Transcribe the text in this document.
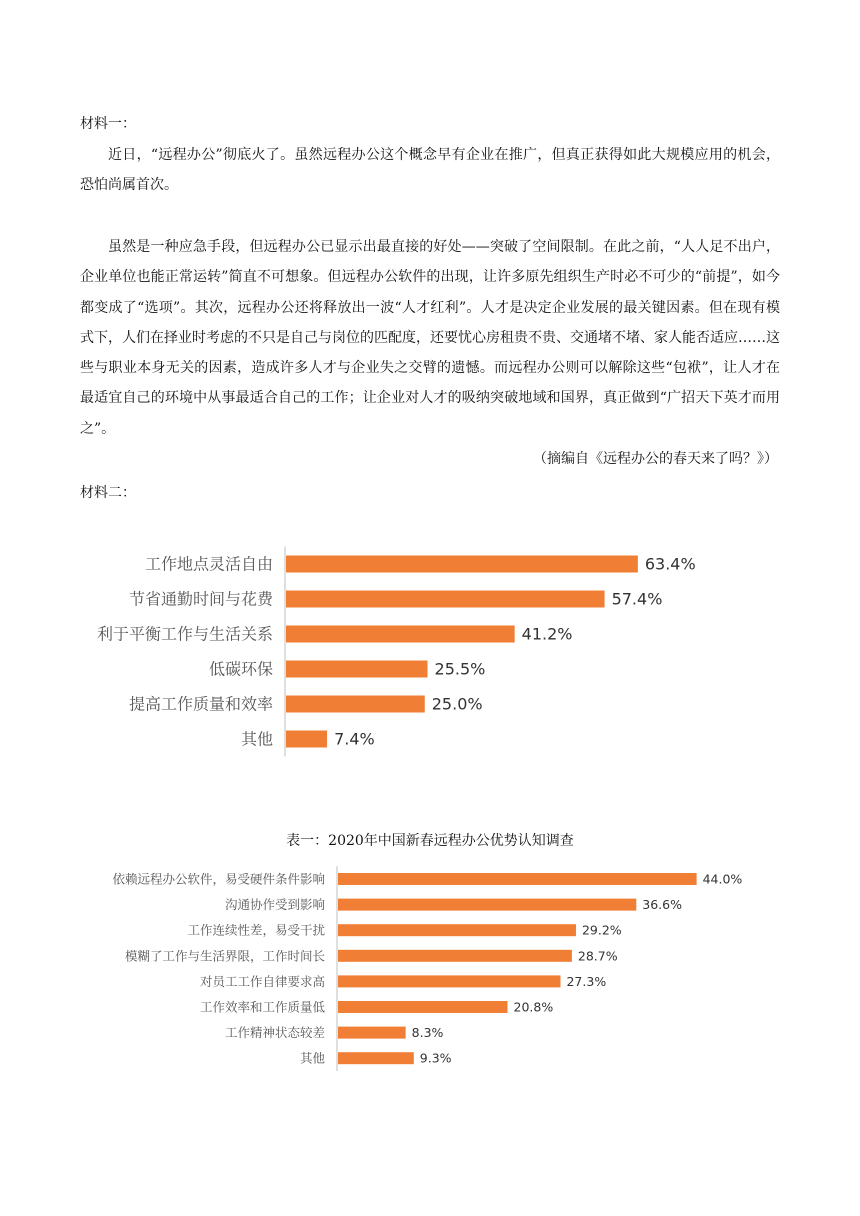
材料一：

近日，“远程办公”彻底火了。虽然远程办公这个概念早有企业在推广，但真正获得如此大规模应用的机会，恐怕尚属首次。

虽然是一种应急手段，但远程办公已显示出最直接的好处——突破了空间限制。在此之前，“人人足不出户，企业单位也能正常运转”简直不可想象。但远程办公软件的出现，让许多原先组织生产时必不可少的“前提”，如今都变成了“选项”。其次，远程办公还将释放出一波“人才红利”。人才是决定企业发展的最关键因素。但在现有模式下，人们在择业时考虑的不只是自己与岗位的匹配度，还要忧心房租贵不贵、交通堵不堵、家人能否适应……这些与职业本身无关的因素，造成许多人才与企业失之交臂的遗憾。而远程办公则可以解除这些“包袱”，让人才在最适宜自己的环境中从事最适合自己的工作；让企业对人才的吸纳突破地域和国界，真正做到“广招天下英才而用之”。

（摘编自《远程办公的春天来了吗？》）
材料二：
工作地点灵活自由	63.4%
节省通勤时间与花费	57.4%
利于平衡工作与生活关系	41.2%
低碳环保	25.5%
提高工作质量和效率	25.0%
其他	7.4%
表一：2020年中国新春远程办公优势认知调查
依赖远程办公软件，易受硬件条件影响	44.0%
沟通协作受到影响	36.6%
工作连续性差，易受干扰	29.2%
模糊了工作与生活界限，工作时间长	28.7%
对员工工作自律要求高	27.3%
工作效率和工作质量低	20.8%
工作精神状态较差	8.3%
其他	9.3%
